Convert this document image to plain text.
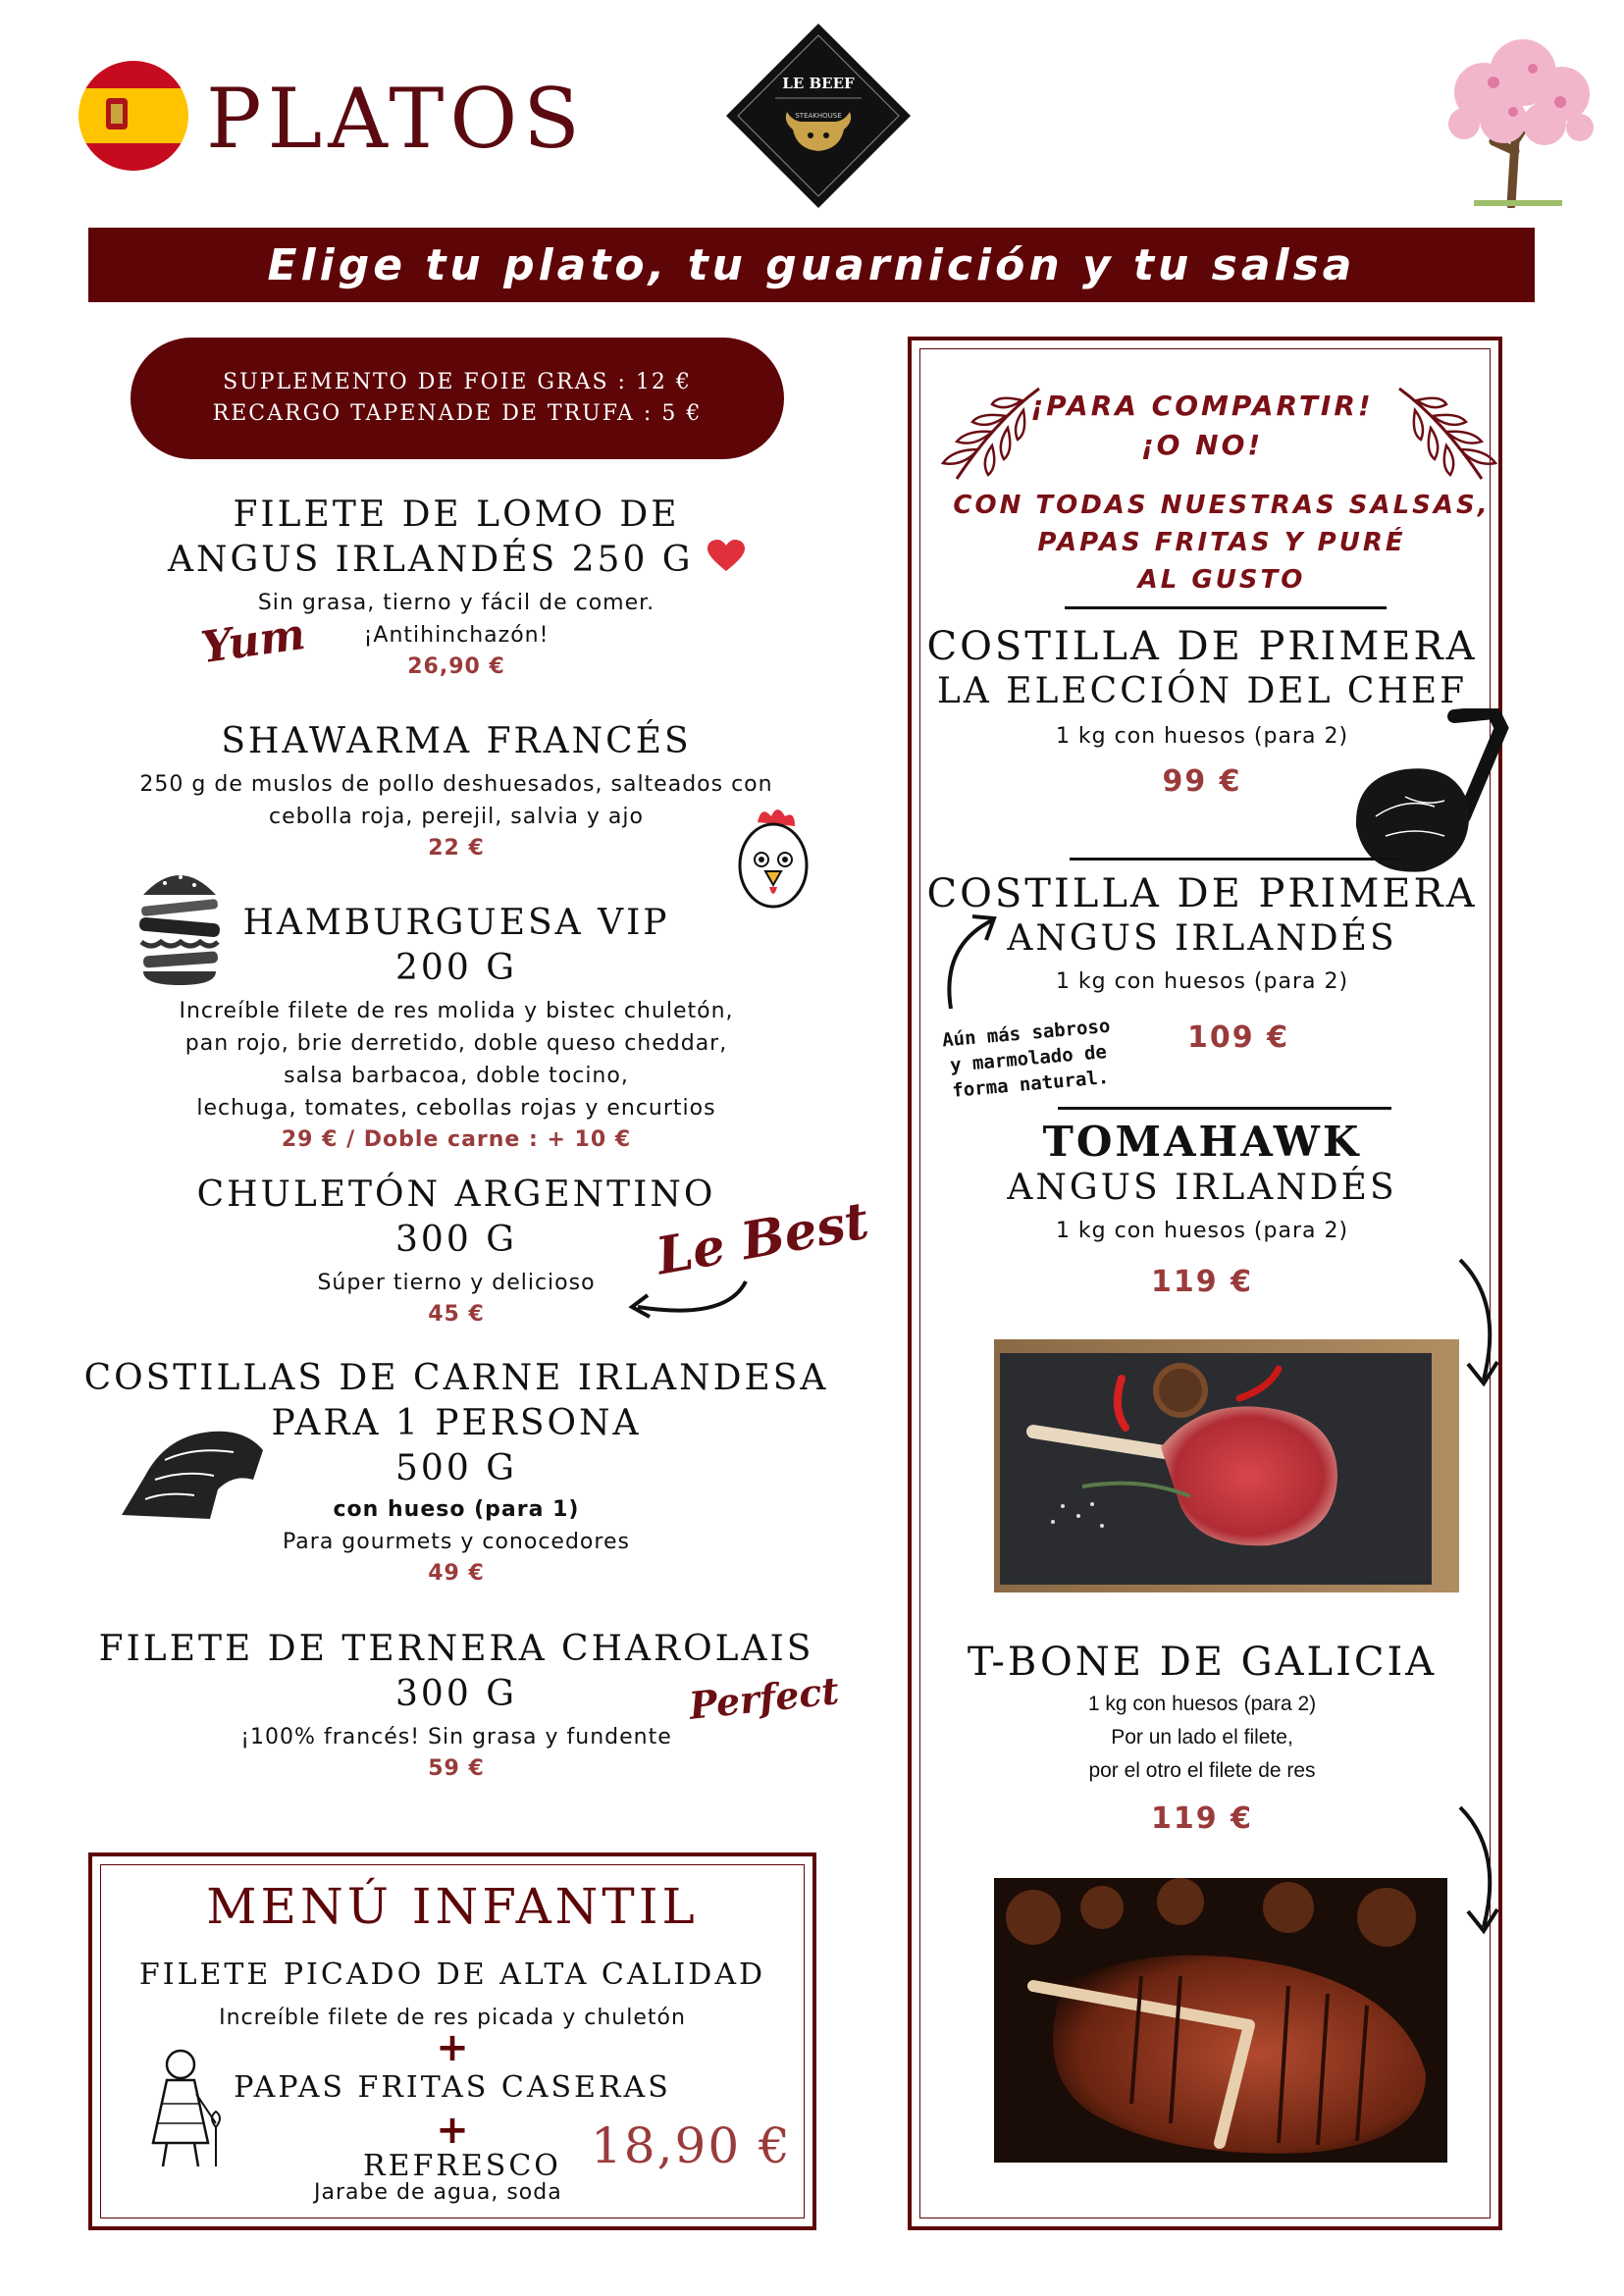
PLATOS	LE BEEF
STEAKHOUSE
Elige tu plato, tu guarnición y tu salsa
SUPLEMENTO DE FOIE GRAS : 12 €
RECARGO TAPENADE DE TRUFA : 5 €
FILETE DE LOMO DE
ANGUS IRLANDÉS 250 G
Sin grasa, tierno y fácil de comer.
¡Antihinchazón!
26,90 €
Yum
SHAWARMA FRANCÉS
250 g de muslos de pollo deshuesados, salteados con
cebolla roja, perejil, salvia y ajo
22 €
HAMBURGUESA VIP
200 G
Increíble filete de res molida y bistec chuletón,
pan rojo, brie derretido, doble queso cheddar,
salsa barbacoa, doble tocino,
lechuga, tomates, cebollas rojas y encurtios
29 € / Doble carne : + 10 €
CHULETÓN ARGENTINO
300 G
Súper tierno y delicioso
45 €
Le Best
COSTILLAS DE CARNE IRLANDESA
PARA 1 PERSONA
500 G
con hueso (para 1)
Para gourmets y conocedores
49 €
FILETE DE TERNERA CHAROLAIS
300 G
¡100% francés! Sin grasa y fundente
59 €
Perfect
MENÚ INFANTIL
FILETE PICADO DE ALTA CALIDAD
Increíble filete de res picada y chuletón
+
PAPAS FRITAS CASERAS
+
REFRESCO
Jarabe de agua, soda
18,90 €
¡PARA COMPARTIR!
¡O NO!
CON TODAS NUESTRAS SALSAS,
PAPAS FRITAS Y PURÉ
AL GUSTO
COSTILLA DE PRIMERA
LA ELECCIÓN DEL CHEF
1 kg con huesos (para 2)
99 €
COSTILLA DE PRIMERA
ANGUS IRLANDÉS
1 kg con huesos (para 2)
109 €
Aún más sabroso
y marmolado de
forma natural.
TOMAHAWK
ANGUS IRLANDÉS
1 kg con huesos (para 2)
119 €
T-BONE DE GALICIA
1 kg con huesos (para 2)
Por un lado el filete,
por el otro el filete de res
119 €
